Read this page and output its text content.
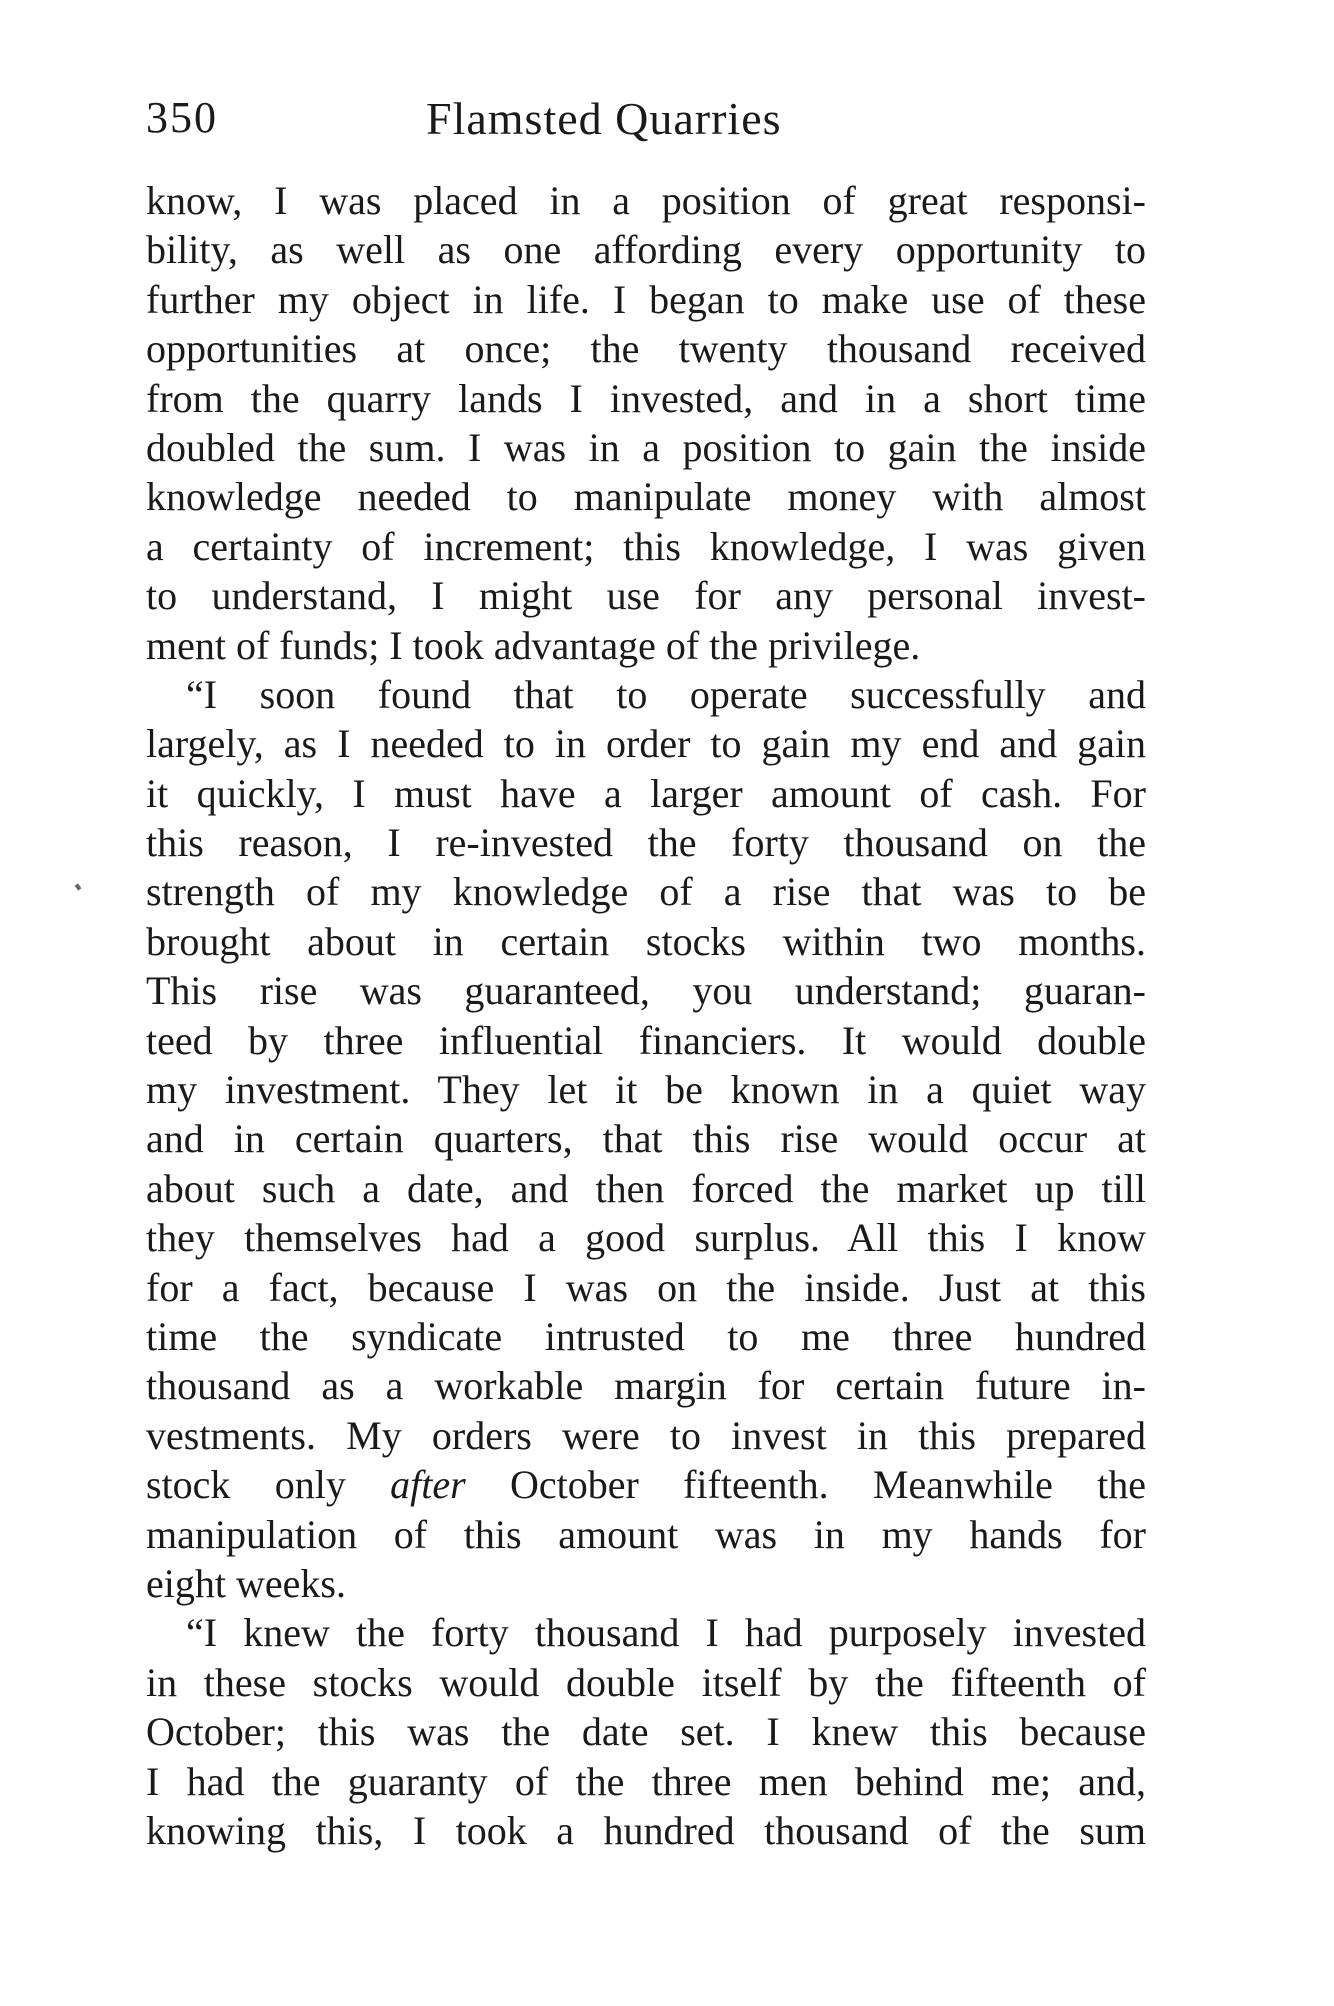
350	Flamsted Quarries
know, I was placed in a position of great responsi-
bility, as well as one affording every opportunity to
further my object in life. I began to make use of these
opportunities at once; the twenty thousand received
from the quarry lands I invested, and in a short time
doubled the sum. I was in a position to gain the inside
knowledge needed to manipulate money with almost
a certainty of increment; this knowledge, I was given
to understand, I might use for any personal invest-
ment of funds; I took advantage of the privilege.
“I soon found that to operate successfully and
largely, as I needed to in order to gain my end and gain
it quickly, I must have a larger amount of cash. For
this reason, I re-invested the forty thousand on the
strength of my knowledge of a rise that was to be
brought about in certain stocks within two months.
This rise was guaranteed, you understand; guaran-
teed by three influential financiers. It would double
my investment. They let it be known in a quiet way
and in certain quarters, that this rise would occur at
about such a date, and then forced the market up till
they themselves had a good surplus. All this I know
for a fact, because I was on the inside. Just at this
time the syndicate intrusted to me three hundred
thousand as a workable margin for certain future in-
vestments. My orders were to invest in this prepared
stock only after October fifteenth. Meanwhile the
manipulation of this amount was in my hands for
eight weeks.
“I knew the forty thousand I had purposely invested
in these stocks would double itself by the fifteenth of
October; this was the date set. I knew this because
I had the guaranty of the three men behind me; and,
knowing this, I took a hundred thousand of the sum
